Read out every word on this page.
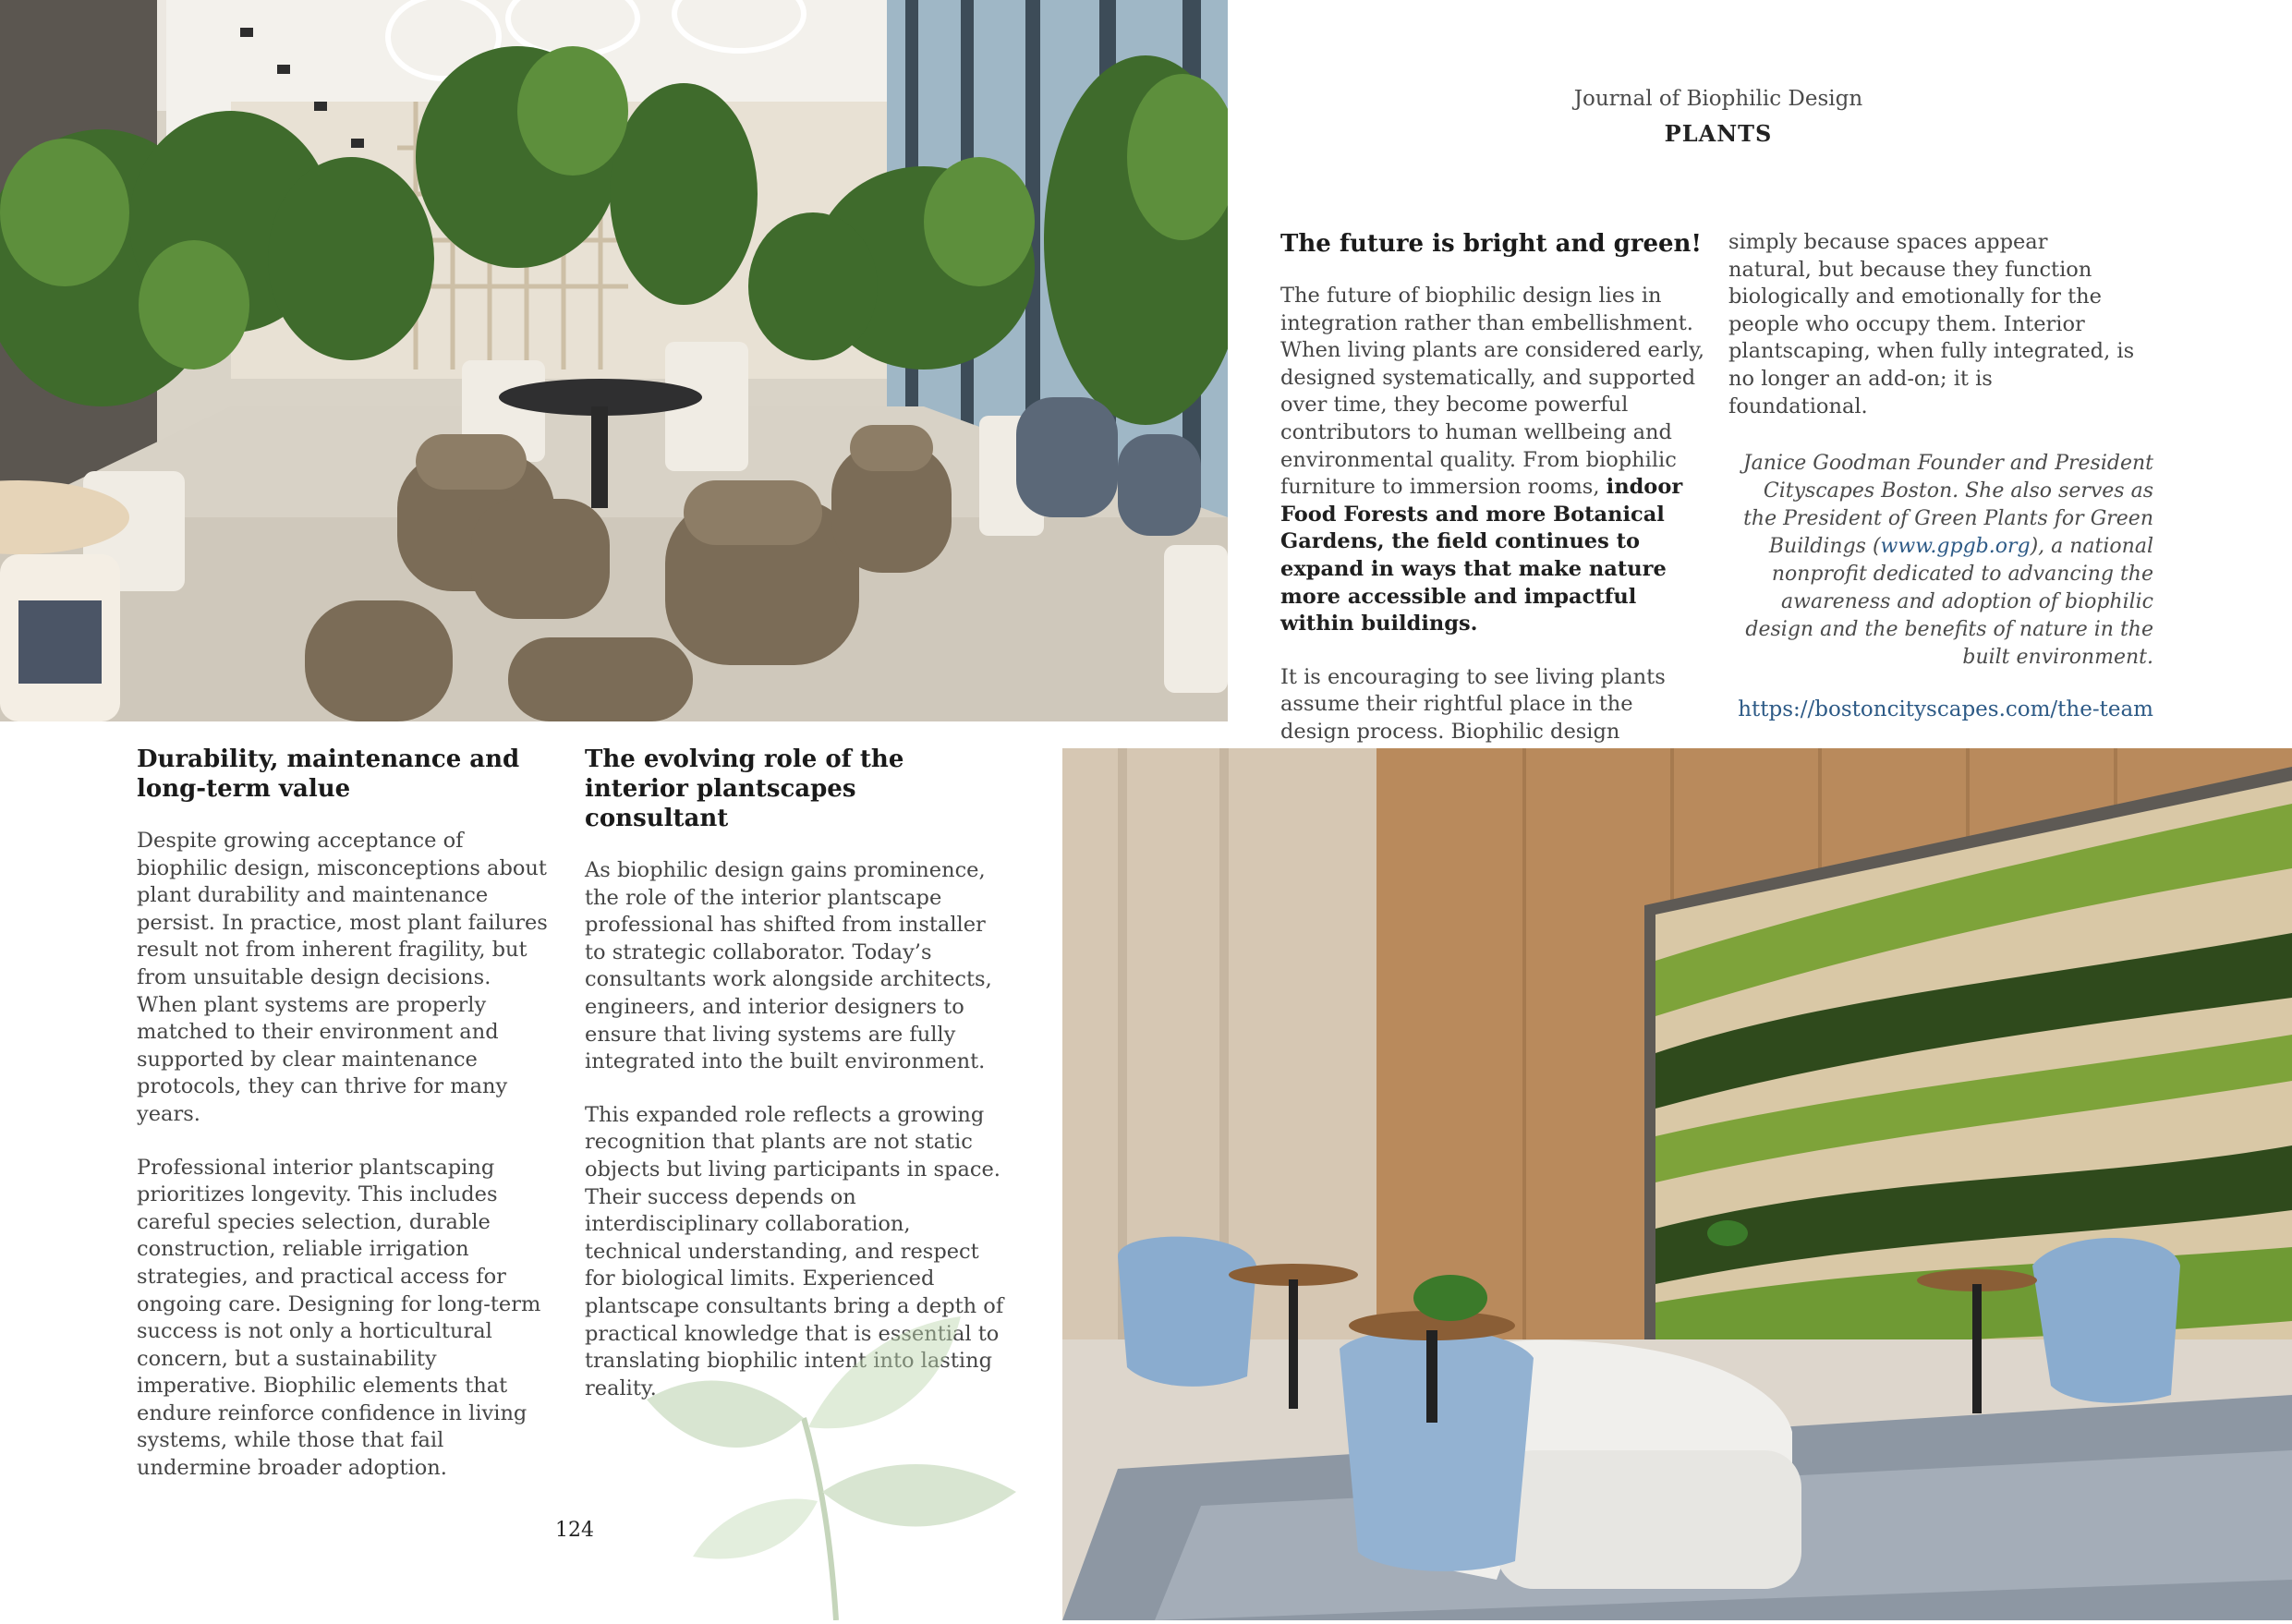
Journal of Biophilic Design
PLANTS
The future is bright and green!

The future of biophilic design lies in integration rather than embellishment. When living plants are considered early, designed systematically, and supported over time, they become powerful contributors to human wellbeing and environmental quality. From biophilic furniture to immersion rooms, indoor Food Forests and more Botanical Gardens, the field continues to expand in ways that make nature more accessible and impactful within buildings.

It is encouraging to see living plants assume their rightful place in the design process. Biophilic design

simply because spaces appear natural, but because they function biologically and emotionally for the people who occupy them. Interior plantscaping, when fully integrated, is no longer an add-on; it is foundational.

Janice Goodman Founder and President Cityscapes Boston. She also serves as the President of Green Plants for Green Buildings (www.gpgb.org), a national nonprofit dedicated to advancing the awareness and adoption of biophilic design and the benefits of nature in the built environment.
https://bostoncityscapes.com/the-team
Durability, maintenance and long-term value

Despite growing acceptance of biophilic design, misconceptions about plant durability and maintenance persist. In practice, most plant failures result not from inherent fragility, but from unsuitable design decisions. When plant systems are properly matched to their environment and supported by clear maintenance protocols, they can thrive for many years.

Professional interior plantscaping prioritizes longevity. This includes careful species selection, durable construction, reliable irrigation strategies, and practical access for ongoing care. Designing for long-term success is not only a horticultural concern, but a sustainability imperative. Biophilic elements that endure reinforce confidence in living systems, while those that fail undermine broader adoption.

The evolving role of the interior plantscapes consultant

As biophilic design gains prominence, the role of the interior plantscape professional has shifted from installer to strategic collaborator. Today’s consultants work alongside architects, engineers, and interior designers to ensure that living systems are fully integrated into the built environment.

This expanded role reflects a growing recognition that plants are not static objects but living participants in space. Their success depends on interdisciplinary collaboration, technical understanding, and respect for biological limits. Experienced plantscape consultants bring a depth of practical knowledge that is essential to translating biophilic intent into lasting reality.

124
